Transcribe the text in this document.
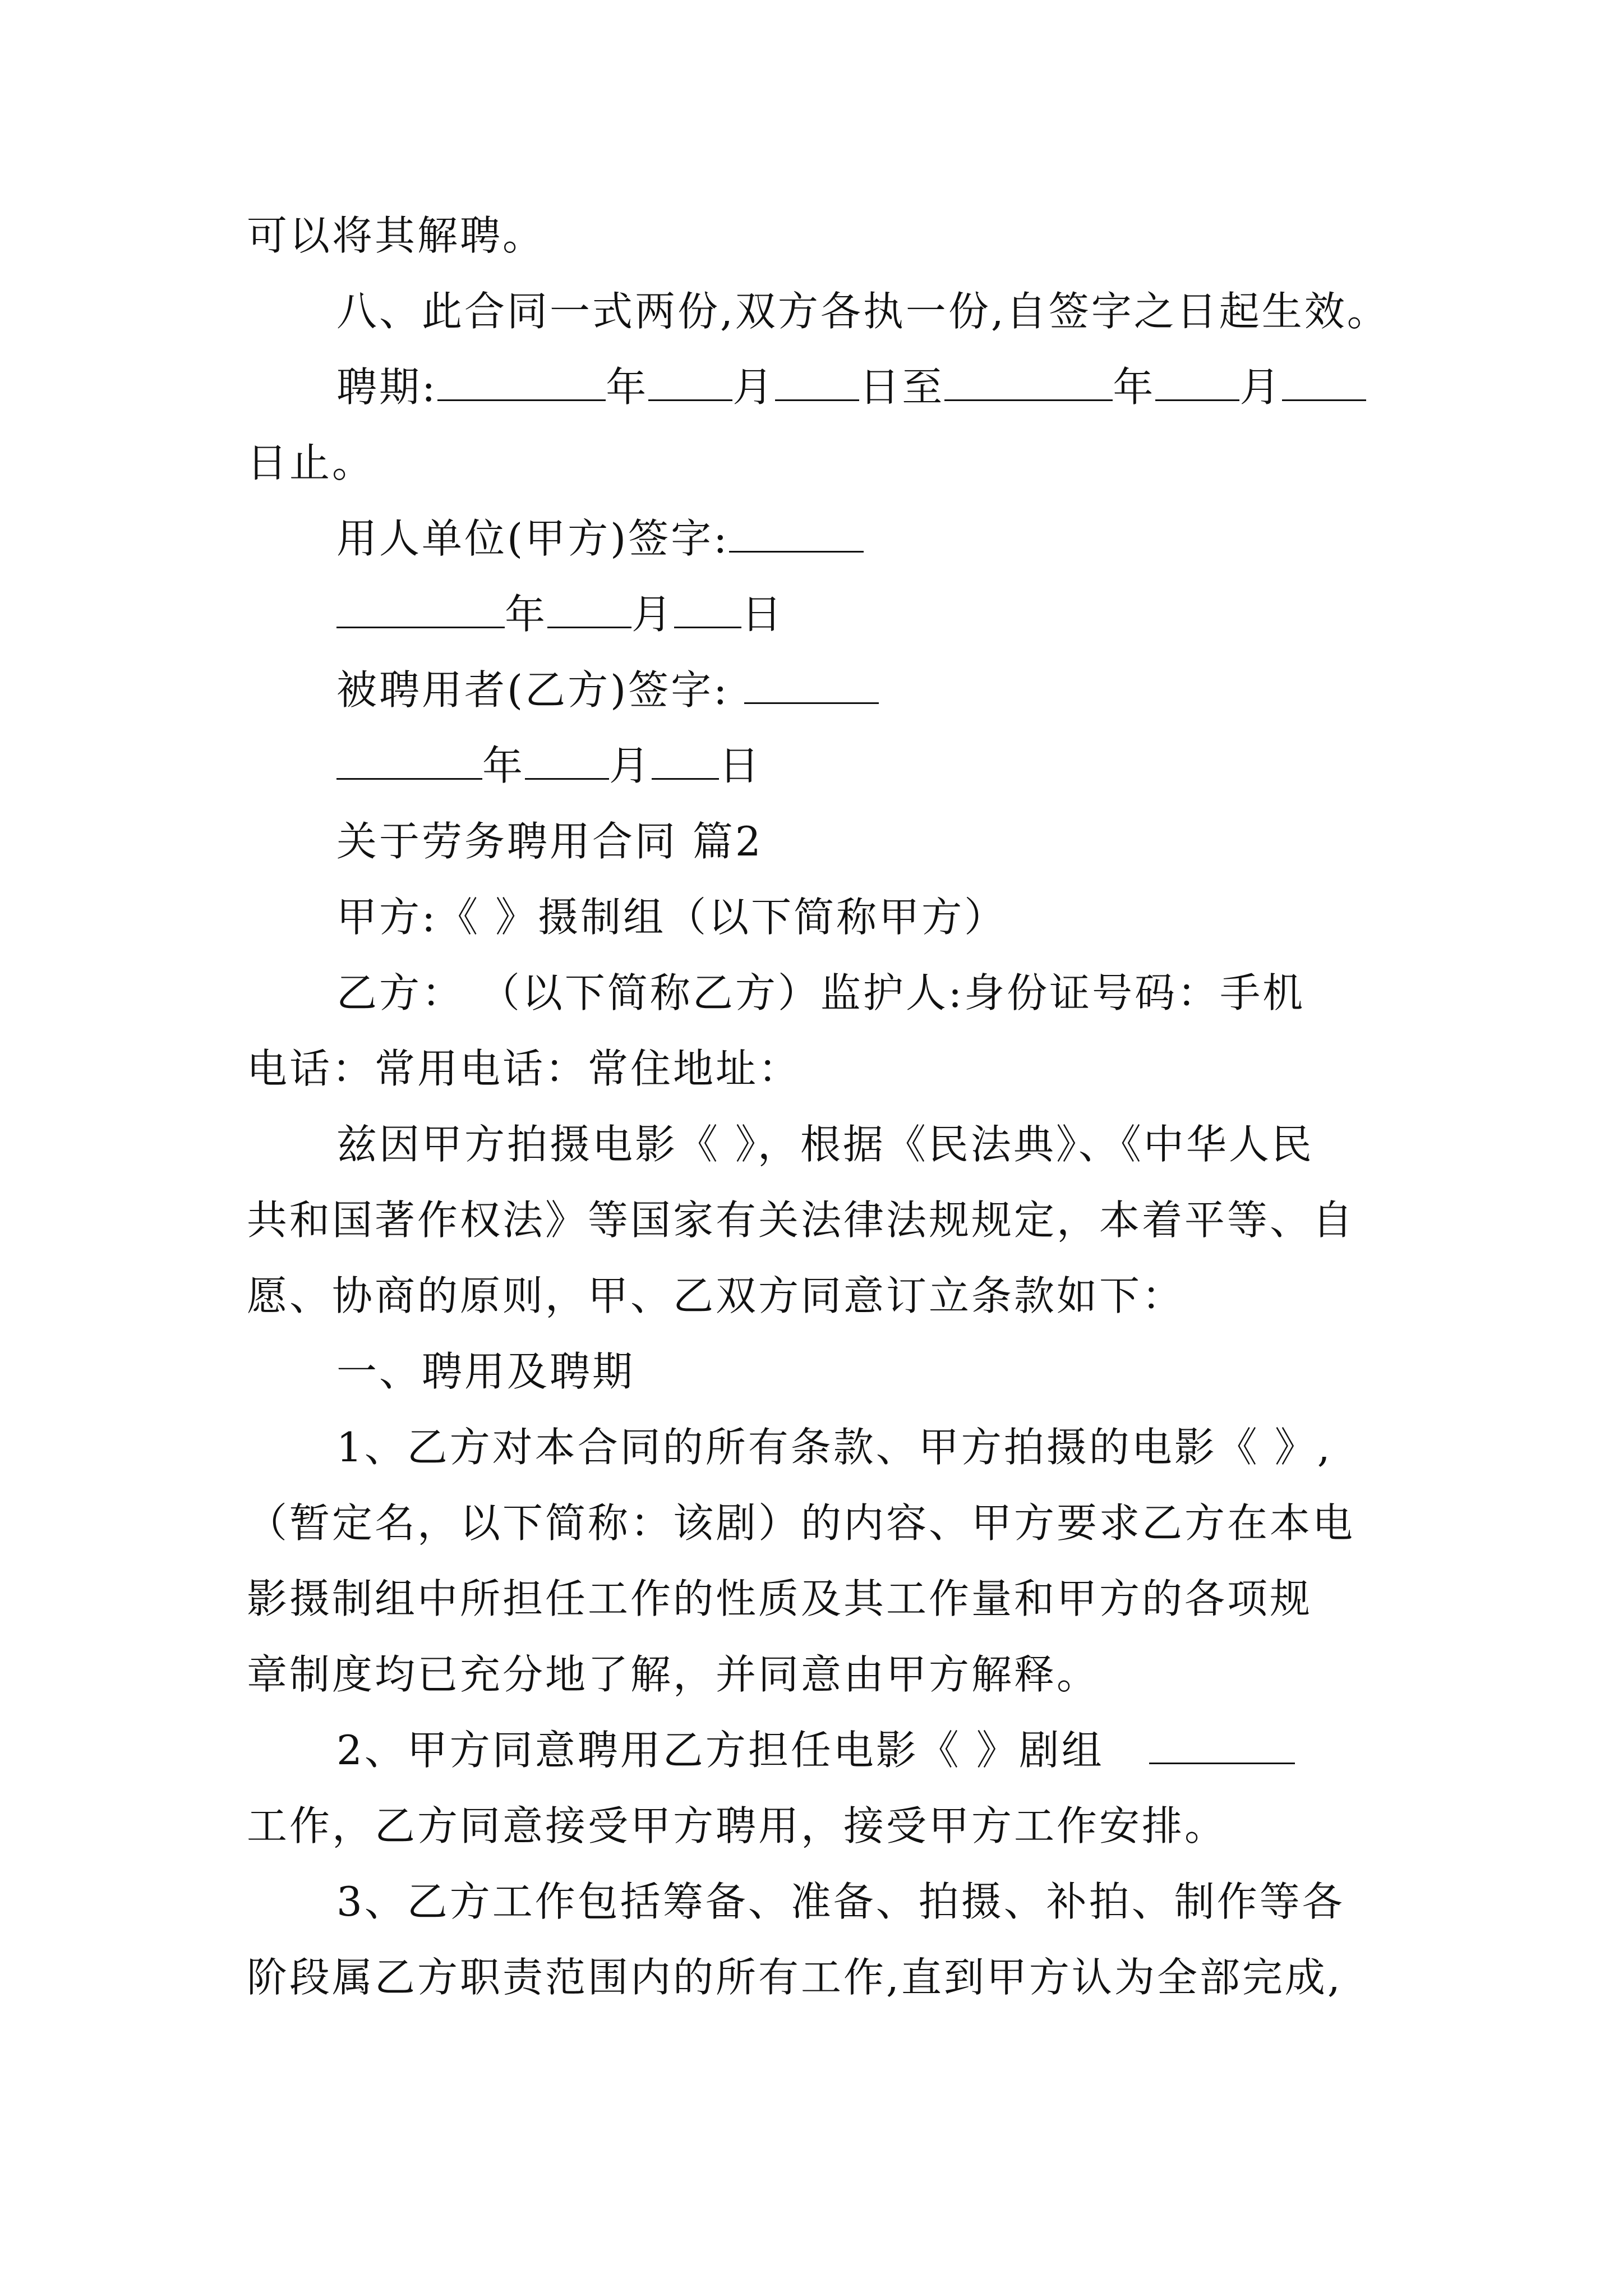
可以将其解聘。
八、此合同一式两份,双方各执一份,自签字之日起生效。
聘期:	年 月 日至	年 月
日止。
用人单位(甲方)签字:
年 月 日
被聘用者(乙方)签字:
年 月 日
关于劳务聘用合同 篇2
甲方:《 》摄制组（以下简称甲方）
乙方： （以下简称乙方）监护人:身份证号码：手机
电话：常用电话：常住地址：
兹因甲方拍摄电影《 》，根据《民法典》、《中华人民
共和国著作权法》等国家有关法律法规规定，本着平等、自
愿、协商的原则，甲、乙双方同意订立条款如下：
一、聘用及聘期
1、乙方对本合同的所有条款、甲方拍摄的电影《 》,
（暂定名，以下简称：该剧）的内容、甲方要求乙方在本电
影摄制组中所担任工作的性质及其工作量和甲方的各项规
章制度均已充分地了解，并同意由甲方解释。
2、甲方同意聘用乙方担任电影《 》剧组
工作，乙方同意接受甲方聘用，接受甲方工作安排。
3、乙方工作包括筹备、准备、拍摄、补拍、制作等各
阶段属乙方职责范围内的所有工作,直到甲方认为全部完成,
